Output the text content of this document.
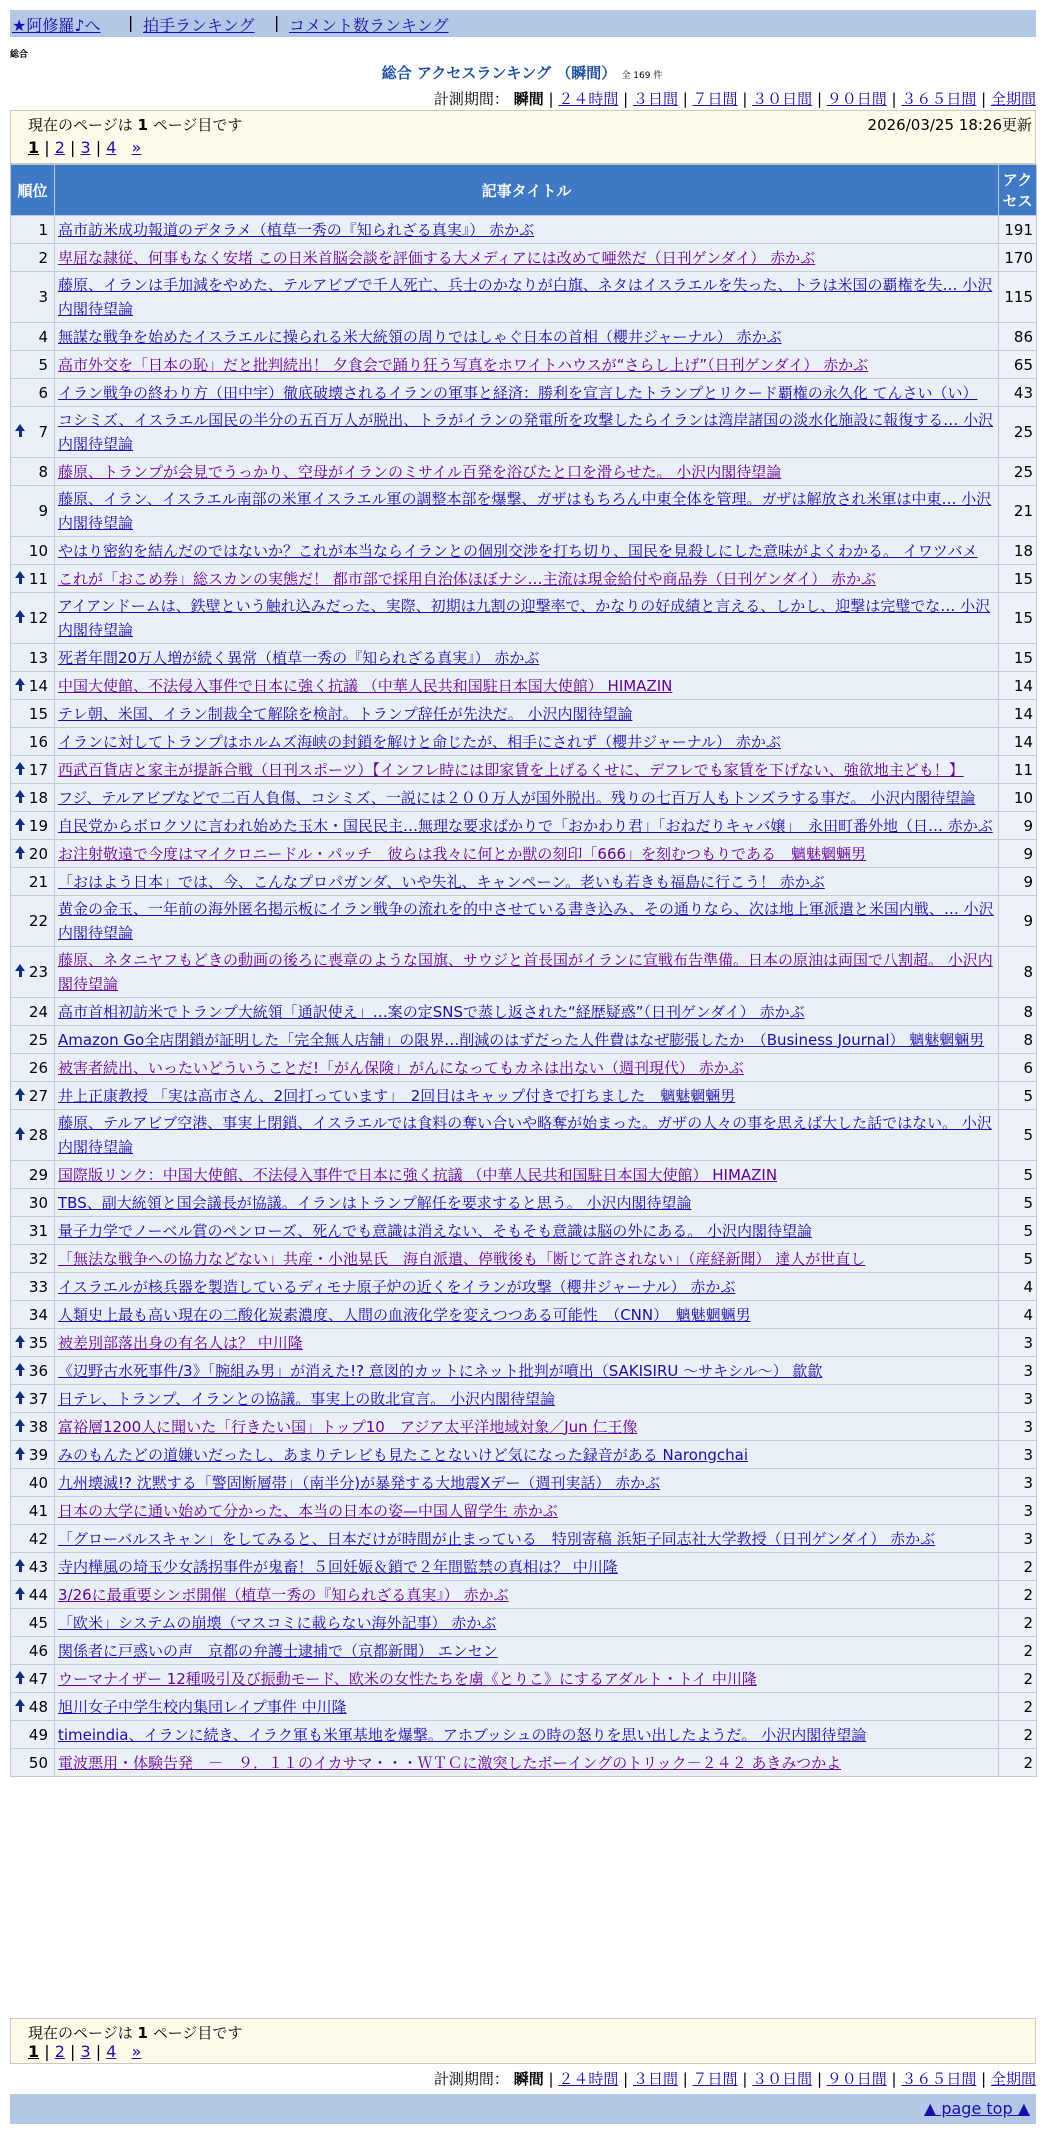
★阿修羅♪へ | 拍手ランキング | コメント数ランキング
総合
総合 アクセスランキング （瞬間） 全 169 件
計測期間： 瞬間 | ２４時間 | ３日間 | ７日間 | ３０日間 | ９０日間 | ３６５日間 | 全期間
現在のページは 1 ページ目です	2026/03/25 18:26更新
1 | 2 | 3 | 4 »
順位	記事タイトル	アクセス
1	高市訪米成功報道のデタラメ（植草一秀の『知られざる真実』） 赤かぶ	191
2	卑屈な隷従、何事もなく安堵 この日米首脳会談を評価する大メディアには改めて唖然だ（日刊ゲンダイ） 赤かぶ	170
3	藤原、イランは手加減をやめた、テルアビブで千人死亡、兵士のかなりが白旗、ネタはイスラエルを失った、トラは米国の覇権を失… 小沢内閣待望論	115
4	無謀な戦争を始めたイスラエルに操られる米大統領の周りではしゃぐ日本の首相（櫻井ジャーナル） 赤かぶ	86
5	高市外交を「日本の恥」だと批判続出！ 夕食会で踊り狂う写真をホワイトハウスが“さらし上げ”（日刊ゲンダイ） 赤かぶ	65
6	イラン戦争の終わり方（田中宇）徹底破壊されるイランの軍事と経済：勝利を宣言したトランプとリクード覇権の永久化 てんさい（い）	43

7	コシミズ、イスラエル国民の半分の五百万人が脱出、トラがイランの発電所を攻撃したらイランは湾岸諸国の淡水化施設に報復する… 小沢内閣待望論	25
8	藤原、トランプが会見でうっかり、空母がイランのミサイル百発を浴びたと口を滑らせた。 小沢内閣待望論	25
9	藤原、イラン、イスラエル南部の米軍イスラエル軍の調整本部を爆撃、ガザはもちろん中東全体を管理。ガザは解放され米軍は中東… 小沢内閣待望論	21
10	やはり密約を結んだのではないか？これが本当ならイランとの個別交渉を打ち切り、国民を見殺しにした意味がよくわかる。 イワツバメ	18

11	これが「おこめ券」総スカンの実態だ！ 都市部で採用自治体ほぼナシ…主流は現金給付や商品券（日刊ゲンダイ） 赤かぶ	15

12	アイアンドームは、鉄壁という触れ込みだった、実際、初期は九割の迎撃率で、かなりの好成績と言える、しかし、迎撃は完璧でな… 小沢内閣待望論	15
13	死者年間20万人増が続く異常（植草一秀の『知られざる真実』） 赤かぶ	15

14	中国大使館、不法侵入事件で日本に強く抗議 （中華人民共和国駐日本国大使館） HIMAZIN	14
15	テレ朝、米国、イラン制裁全て解除を検討。トランプ辞任が先決だ。 小沢内閣待望論	14
16	イランに対してトランプはホルムズ海峡の封鎖を解けと命じたが、相手にされず（櫻井ジャーナル） 赤かぶ	14

17	西武百貨店と家主が提訴合戦（日刊スポーツ）【インフレ時には即家賃を上げるくせに、デフレでも家賃を下げない、強欲地主ども！】	11

18	フジ、テルアビブなどで二百人負傷、コシミズ、一説には２００万人が国外脱出。残りの七百万人もトンズラする事だ。 小沢内閣待望論	10

19	自民党からボロクソに言われ始めた玉木・国民民主…無理な要求ばかりで「おかわり君」「おねだりキャバ嬢」　永田町番外地（日… 赤かぶ	9

20	お注射敬遠で今度はマイクロニードル・パッチ　彼らは我々に何とか獣の刻印「666」を刻むつもりである　魑魅魍魎男	9
21	「おはよう日本」では、今、こんなプロパガンダ、いや失礼、キャンペーン。老いも若きも福島に行こう！ 赤かぶ	9
22	黄金の金玉、一年前の海外匿名掲示板にイラン戦争の流れを的中させている書き込み、その通りなら、次は地上軍派遣と米国内戦、… 小沢内閣待望論	9

23	藤原、ネタニヤフもどきの動画の後ろに喪章のような国旗、サウジと首長国がイランに宣戦布告準備。日本の原油は両国で八割超。 小沢内閣待望論	8
24	高市首相初訪米でトランプ大統領「通訳使え」…案の定SNSで蒸し返された“経歴疑惑”（日刊ゲンダイ） 赤かぶ	8
25	Amazon Go全店閉鎖が証明した「完全無人店舗」の限界…削減のはずだった人件費はなぜ膨張したか　（Business Journal） 魑魅魍魎男	8
26	被害者続出、いったいどういうことだ!「がん保険」がんになってもカネは出ない（週刊現代） 赤かぶ	6

27	井上正康教授 「実は高市さん、2回打っています」　2回目はキャップ付きで打ちました　魑魅魍魎男	5

28	藤原、テルアビブ空港、事実上閉鎖、イスラエルでは食料の奪い合いや略奪が始まった。ガザの人々の事を思えば大した話ではない。 小沢内閣待望論	5
29	国際版リンク：中国大使館、不法侵入事件で日本に強く抗議 （中華人民共和国駐日本国大使館） HIMAZIN	5
30	TBS、副大統領と国会議長が協議。イランはトランプ解任を要求すると思う。 小沢内閣待望論	5
31	量子力学でノーベル賞のペンローズ、死んでも意識は消えない、そもそも意識は脳の外にある。 小沢内閣待望論	5
32	「無法な戦争への協力などない」共産・小池晃氏　海自派遣、停戦後も「断じて許されない」（産経新聞） 達人が世直し	5
33	イスラエルが核兵器を製造しているディモナ原子炉の近くをイランが攻撃（櫻井ジャーナル） 赤かぶ	4
34	人類史上最も高い現在の二酸化炭素濃度、人間の血液化学を変えつつある可能性　（CNN）　魑魅魍魎男	4

35	被差別部落出身の有名人は？ 中川隆	3

36	《辺野古水死事件/3》「腕組み男」が消えた!? 意図的カットにネット批判が噴出（SAKISIRU ～サキシル～） 歙歙	3

37	日テレ、トランプ、イランとの協議。事実上の敗北宣言。 小沢内閣待望論	3

38	富裕層1200人に聞いた「行きたい国」トップ10　アジア太平洋地域対象／Jun 仁王像	3

39	みのもんたどの道嫌いだったし、あまりテレビも見たことないけど気になった録音がある Narongchai	3
40	九州壊滅!? 沈黙する「警固断層帯」（南半分)が暴発する大地震Xデー（週刊実話） 赤かぶ	3
41	日本の大学に通い始めて分かった、本当の日本の姿—中国人留学生 赤かぶ	3
42	「グローバルスキャン」をしてみると、日本だけが時間が止まっている　特別寄稿 浜矩子同志社大学教授（日刊ゲンダイ） 赤かぶ	3

43	寺内樺風の埼玉少女誘拐事件が鬼畜！５回妊娠＆鎖で２年間監禁の真相は？ 中川隆	2

44	3/26に最重要シンポ開催（植草一秀の『知られざる真実』） 赤かぶ	2
45	「欧米」システムの崩壊（マスコミに載らない海外記事） 赤かぶ	2
46	関係者に戸惑いの声　京都の弁護士逮捕で（京都新聞） エンセン	2

47	ウーマナイザー 12種吸引及び振動モード、欧米の女性たちを虜《とりこ》にするアダルト・トイ 中川隆	2

48	旭川女子中学生校内集団レイプ事件 中川隆	2
49	timeindia、イランに続き、イラク軍も米軍基地を爆撃。アホブッシュの時の怒りを思い出したようだ。 小沢内閣待望論	2
50	電波悪用・体験告発　－　９．１１のイカサマ・・・ＷＴＣに激突したボーイングのトリック－２４２ あきみつかよ	2
現在のページは 1 ページ目です
1 | 2 | 3 | 4 »
計測期間： 瞬間 | ２４時間 | ３日間 | ７日間 | ３０日間 | ９０日間 | ３６５日間 | 全期間
▲ page top ▲
